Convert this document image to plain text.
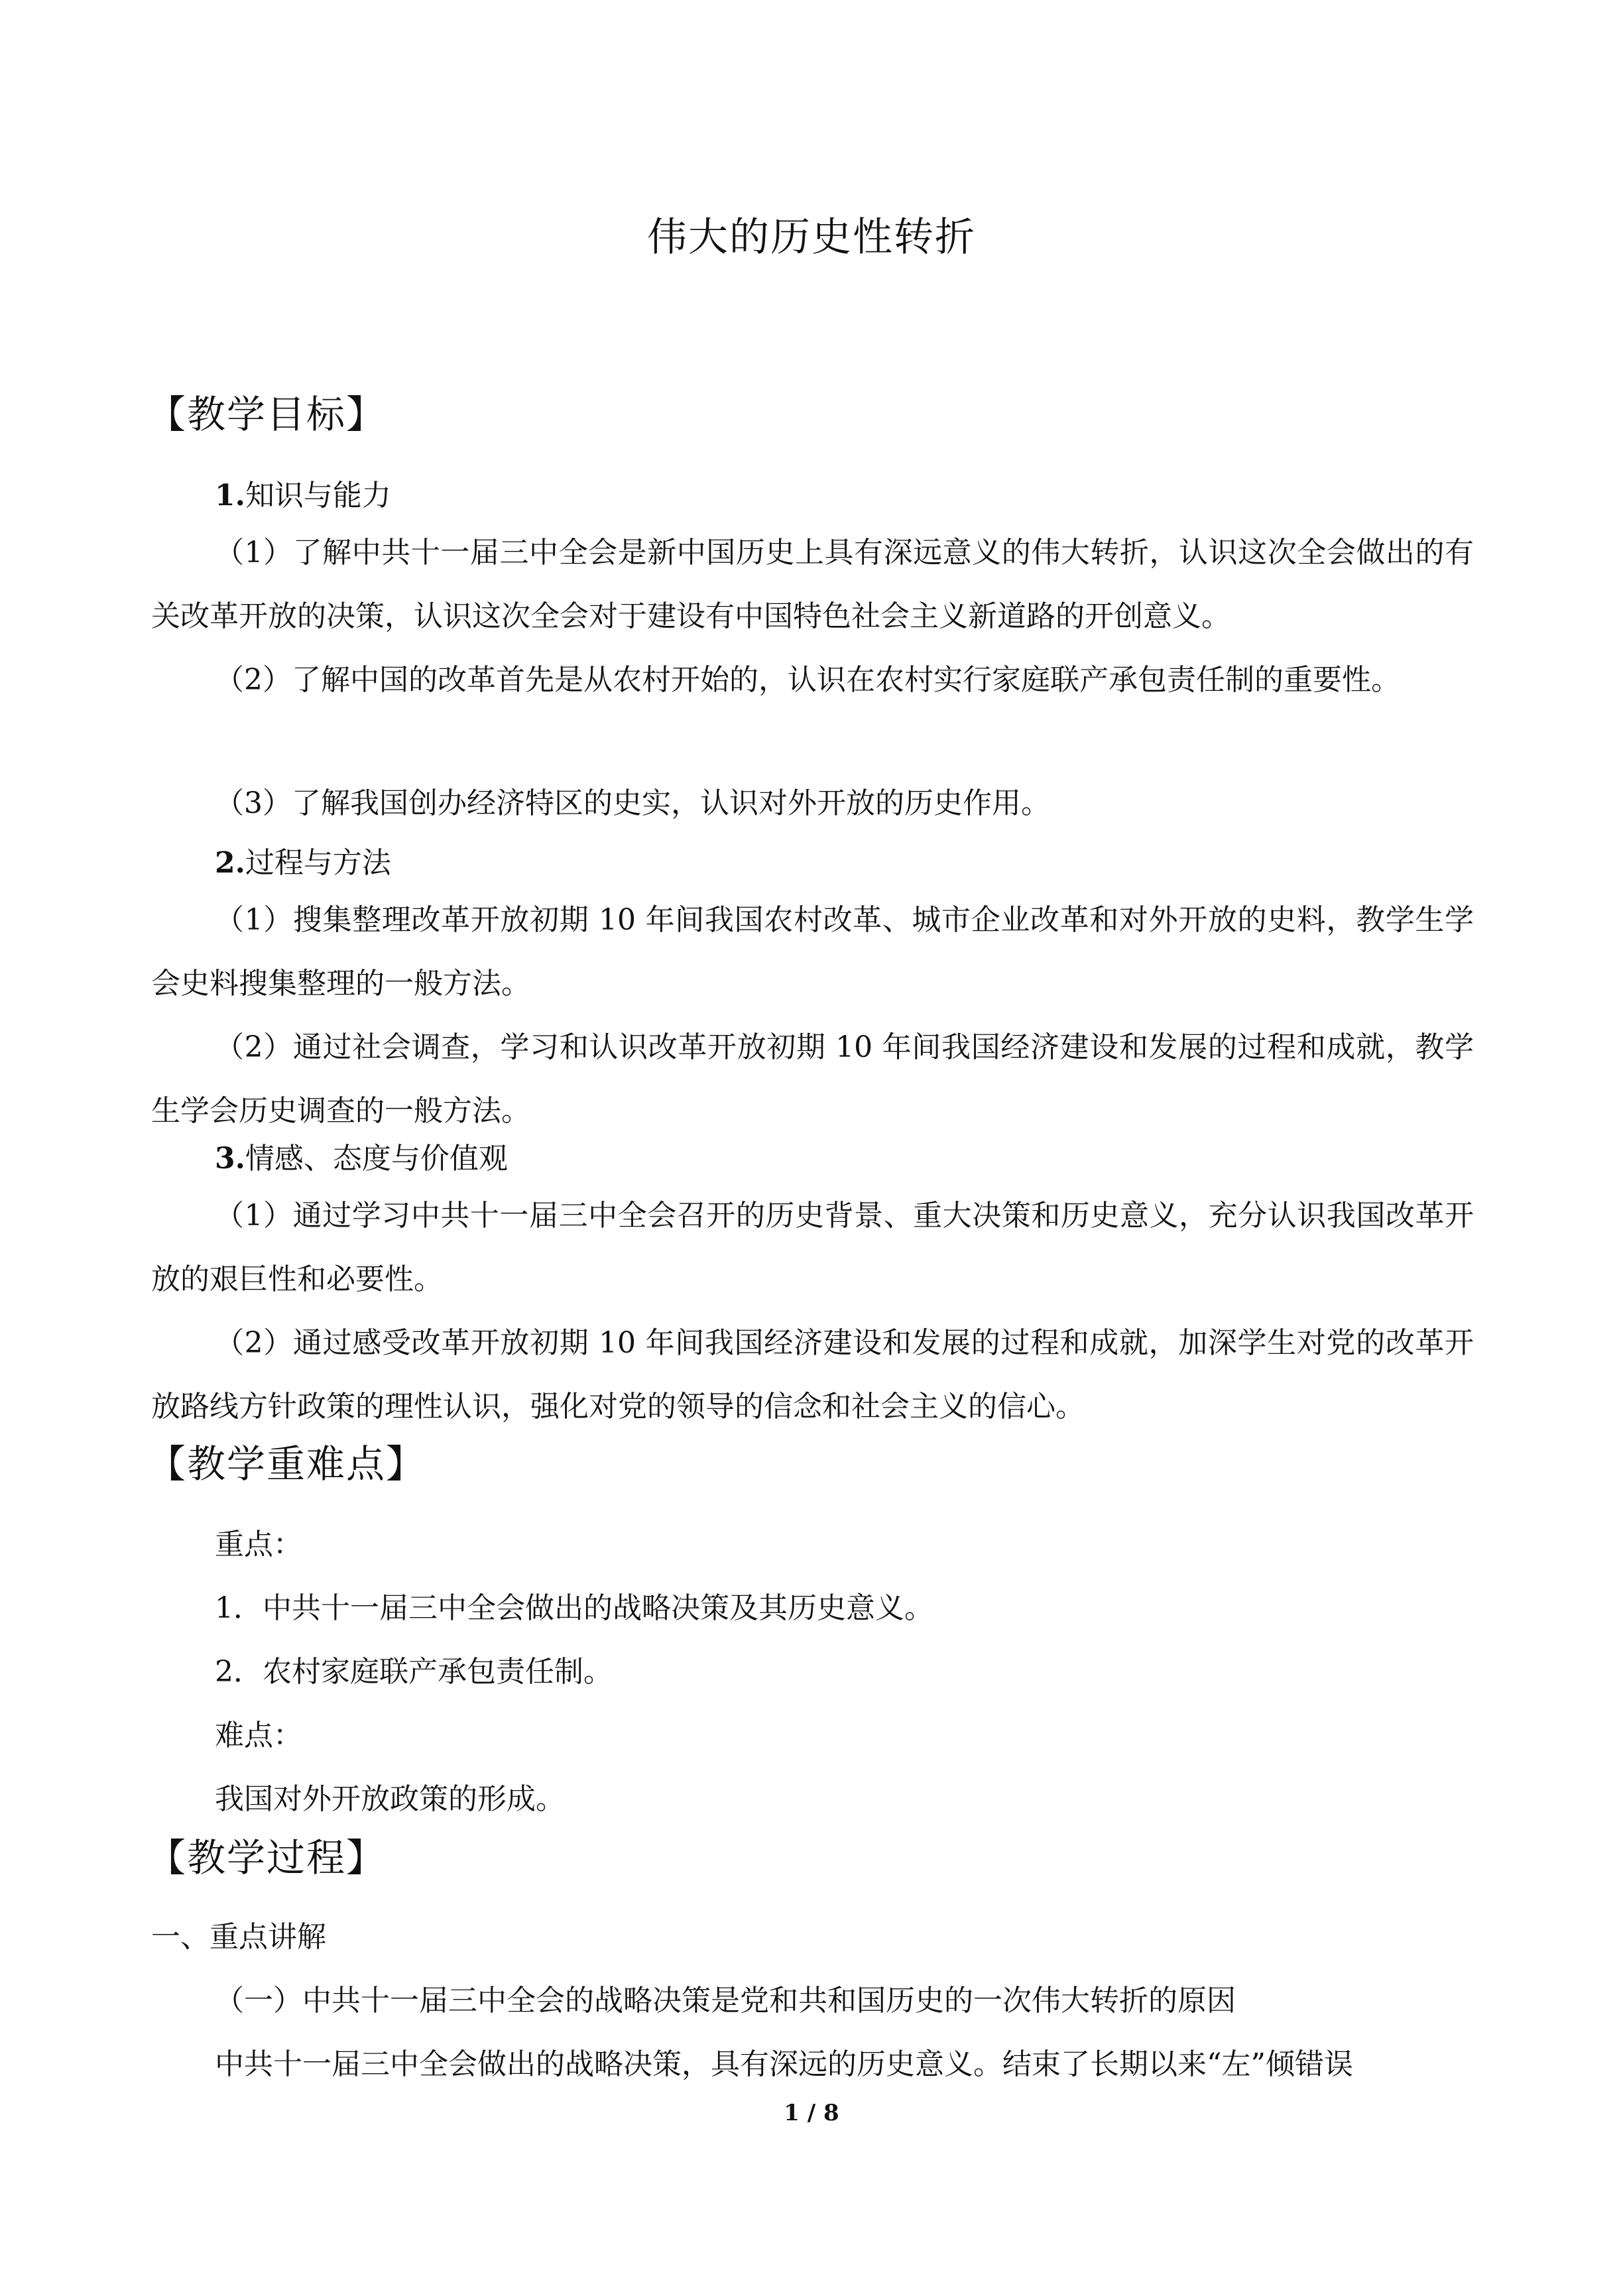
伟大的历史性转折
【教学目标】
1.知识与能力
（1）了解中共十一届三中全会是新中国历史上具有深远意义的伟大转折，认识这次全会做出的有关改革开放的决策，认识这次全会对于建设有中国特色社会主义新道路的开创意义。
（2）了解中国的改革首先是从农村开始的，认识在农村实行家庭联产承包责任制的重要性。
（3）了解我国创办经济特区的史实，认识对外开放的历史作用。
2.过程与方法
（1）搜集整理改革开放初期 10 年间我国农村改革、城市企业改革和对外开放的史料，教学生学会史料搜集整理的一般方法。
（2）通过社会调查，学习和认识改革开放初期 10 年间我国经济建设和发展的过程和成就，教学生学会历史调查的一般方法。
3.情感、态度与价值观
（1）通过学习中共十一届三中全会召开的历史背景、重大决策和历史意义，充分认识我国改革开放的艰巨性和必要性。
（2）通过感受改革开放初期 10 年间我国经济建设和发展的过程和成就，加深学生对党的改革开放路线方针政策的理性认识，强化对党的领导的信念和社会主义的信心。
【教学重难点】
重点：
1．中共十一届三中全会做出的战略决策及其历史意义。
2．农村家庭联产承包责任制。
难点：
我国对外开放政策的形成。
【教学过程】
一、重点讲解
（一）中共十一届三中全会的战略决策是党和共和国历史的一次伟大转折的原因
中共十一届三中全会做出的战略决策，具有深远的历史意义。结束了长期以来“左”倾错误
1 / 8
